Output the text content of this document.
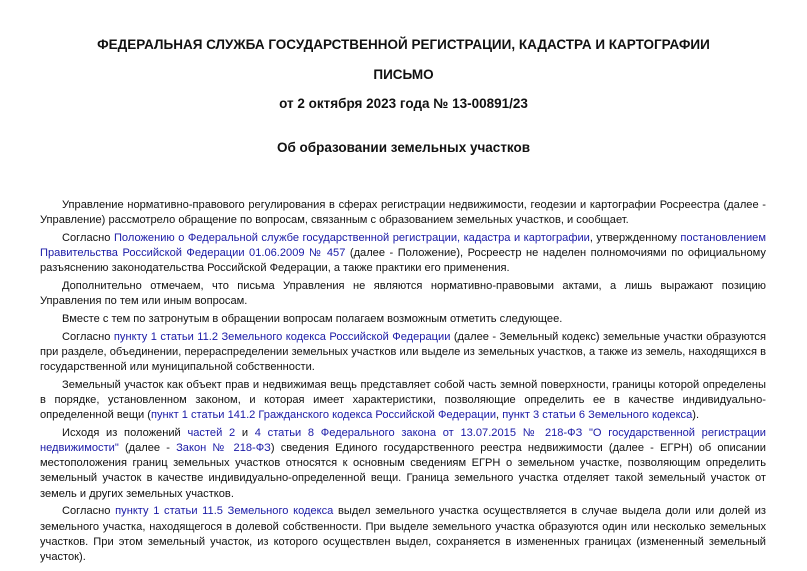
ФЕДЕРАЛЬНАЯ СЛУЖБА ГОСУДАРСТВЕННОЙ РЕГИСТРАЦИИ, КАДАСТРА И КАРТОГРАФИИ
ПИСЬМО
от 2 октября 2023 года № 13-00891/23
Об образовании земельных участков

Управление нормативно-правового регулирования в сферах регистрации недвижимости, геодезии и картографии Росреестра (далее - Управление) рассмотрело обращение по вопросам, связанным с образованием земельных участков, и сообщает.

Согласно Положению о Федеральной службе государственной регистрации, кадастра и картографии, утвержденному постановлением Правительства Российской Федерации 01.06.2009 № 457 (далее - Положение), Росреестр не наделен полномочиями по официальному разъяснению законодательства Российской Федерации, а также практики его применения.

Дополнительно отмечаем, что письма Управления не являются нормативно-правовыми актами, а лишь выражают позицию Управления по тем или иным вопросам.

Вместе с тем по затронутым в обращении вопросам полагаем возможным отметить следующее.

Согласно пункту 1 статьи 11.2 Земельного кодекса Российской Федерации (далее - Земельный кодекс) земельные участки образуются при разделе, объединении, перераспределении земельных участков или выделе из земельных участков, а также из земель, находящихся в государственной или муниципальной собственности.

Земельный участок как объект прав и недвижимая вещь представляет собой часть земной поверхности, границы которой определены в порядке, установленном законом, и которая имеет характеристики, позволяющие определить ее в качестве индивидуально-определенной вещи (пункт 1 статьи 141.2 Гражданского кодекса Российской Федерации, пункт 3 статьи 6 Земельного кодекса).

Исходя из положений частей 2 и 4 статьи 8 Федерального закона от 13.07.2015 № 218-ФЗ "О государственной регистрации недвижимости" (далее - Закон № 218-ФЗ) сведения Единого государственного реестра недвижимости (далее - ЕГРН) об описании местоположения границ земельных участков относятся к основным сведениям ЕГРН о земельном участке, позволяющим определить земельный участок в качестве индивидуально-определенной вещи. Граница земельного участка отделяет такой земельный участок от земель и других земельных участков.

Согласно пункту 1 статьи 11.5 Земельного кодекса выдел земельного участка осуществляется в случае выдела доли или долей из земельного участка, находящегося в долевой собственности. При выделе земельного участка образуются один или несколько земельных участков. При этом земельный участок, из которого осуществлен выдел, сохраняется в измененных границах (измененный земельный участок).
